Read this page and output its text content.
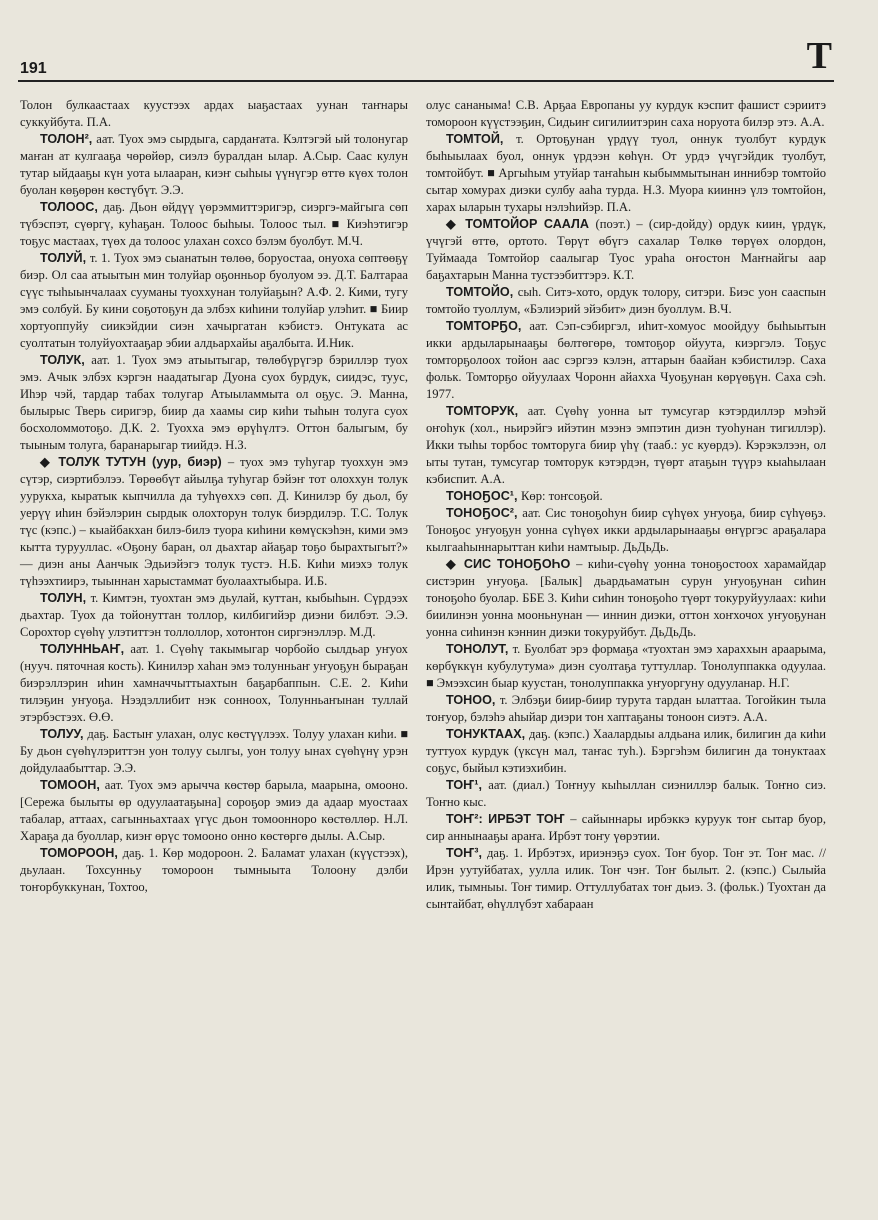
191	Т

Толон булкаастаах куустээх ардах ыаҕастаах уунан таҥнары суккуйбута. П.А.

ТОЛОН², аат. Туох эмэ сырдыга, сардаҥата. Кэлтэгэй ый толонугар маҥан ат кулгааҕа чөрөйөр, сиэлэ буралдан ылар. А.Сыр. Саас кулун тутар ыйдааҕы күн уота ылааран, киэҥ сыһыы үүнүгэр өттө күөх толон буолан көҕөрөн көстүбүт. Э.Э.

ТОЛООС, даҕ. Дьон өйдүү үөрэммиттэригэр, сиэргэ-майгыга сөп түбэспэт, сүөргү, куһаҕан. Толоос быһыы. Толоос тыл. ■ Киэһэтигэр тоҕус мастаах, түөх да толоос улахан сохсо бэлэм буолбут. М.Ч.

ТОЛУЙ, т. 1. Туох эмэ сыанатын төлөө, боруостаа, онуоха сөптөөҕү биэр. Ол саа атыытын мин толуйар оҕонньор буолуом ээ. Д.Т. Балтараа сүүс тыһыынчалаах сууманы туоххунан толуйаҕын? А.Ф. 2. Кими, тугу эмэ солбуй. Бу кини соҕотоҕун да элбэх киһини толуйар улэһит. ■ Биир хортуоппуйу сиикэйдии сиэн хачыргатан кэбистэ. Онтуката ас суолтатын толуйуохтааҕар эбии алдьархайы аҕалбыта. И.Ник.

ТОЛУК, аат. 1. Туох эмэ атыытыгар, төлөбүрүгэр бэриллэр туох эмэ. Ачык элбэх кэргэн наадатыгар Дуона суох бурдук, сиидэс, туус, Иһэр чэй, тардар табах толугар Атыыламмыта ол оҕус. Э. Манна, былырыс Тверь сиригэр, биир да хаамы сир киһи тыһын толуга суох босхоломмотоҕо. Д.К. 2. Туохха эмэ өрүһүлтэ. Оттон балыгым, бу тыыным толуга, баранарыгар тиийдэ. Н.З.

◆ ТОЛУК ТУТУН (уур, биэр) – туох эмэ туһугар туоххун эмэ сүтэр, сиэртибэлээ. Төрөөбүт айылҕа туһугар бэйэҥ тот олоххун толук уурукха, кыратык кыпчилла да туһүөххэ сөп. Д. Кинилэр бу дьол, бу уерүү иһин бэйэлэрин сырдык олохторун толук биэрдилэр. Т.С. Толук түс (кэпс.) – кыайбакхан билэ-билэ туора киһини көмүскэһэн, кими эмэ кытта турууллас. «Оҕону баран, ол дьахтар айаҕар тоҕо бырахтыгыт?» — диэн аны Аанчык Эдьиэйэгэ толук тустэ. Н.Б. Киһи миэхэ толук түһээхтиирэ, тыыннан харыстаммат буолаахтыбыра. И.Б.

ТОЛУН, т. Кимтэн, туохтан эмэ дьулай, куттан, кыбыһын. Сүрдээх дьахтар. Туох да тойонуттан толлор, килбигийэр диэни билбэт. Э.Э. Сорохтор сүөһү улэтиттэн толлоллор, хотонтон сиргэнэллэр. М.Д.

ТОЛУННЬАҤ, аат. 1. Сүөһү такымыгар чорбойо сылдьар уҥуох (нууч. пяточная кость). Кинилэр хаһан эмэ толунньаҥ уҥуоҕун быраҕан биэрэллэрин иһин хамначчыттыахтын баҕарбаппын. С.Е. 2. Киһи тилэҕин уҥуоҕа. Нээдэллибит нэк сонноох, Толунньаҥынан туллай этэрбэстээх. Ө.Ө.

ТОЛУУ, даҕ. Бастыҥ улахан, олус көстүүлээх. Толуу улахан киһи. ■ Бу дьон сүөһүлэриттэн уон толуу сылгы, уон толуу ынах сүөһүнү урэн дойдулаабыттар. Э.Э.

ТОМООН, аат. Туох эмэ арыччa көстөр барыла, маарына, омооно. [Сережа былыты өр одуулаатаҕына] сороҕор эмиэ да адаар муостаах табалар, аттаах, сагынньахтаах үгүс дьон томоонноро көстөллөр. Н.Л. Хараҕа да буоллар, киэҥ өрүс томооно онно көстөргө дылы. А.Сыр.

ТОМОРООН, даҕ. 1. Көр модороон. 2. Баламат улахан (күүстээх), дьулаан. Тохсунньу томороон тымныыта Толоону дэлби тоҥорбуккунан, Тохтоо,

олус сананыма! С.В. Арҕаа Европаны уу курдук кэспит фашист сэриитэ томороон күүстээҕин, Сидьиҥ сигилиитэрин сахa норуота билэр этэ. А.А.

ТОМТОЙ, т. Ортоҕунан үрдүү туол, оннук туолбут курдук быһыылаах буол, оннук үрдээн көһүн. От урдэ үчүгэйдик туолбут, томтойбут. ■ Аргыһым утуйар таҥаһын кыбыммытынан иннибэр томтойо сытар хомурах диэки сулбу ааһа турда. Н.З. Муора кииннэ үлэ томтойон, харах ыларын тухары нэлэһийэр. П.А.

◆ ТОМТОЙОР СААЛА (поэт.) – (сир-дойду) ордук киин, үрдүк, үчүгэй өттө, ортото. Төрүт өбүгэ сахалар Төлкө төрүөх олордон, Туймаада Томтойор саалыгар Туос урaһа оҥостон Маҥнайгы аар баҕахтарын Манна тустээбиттэрэ. К.Т.

ТОМТОЙО, сыһ. Ситэ-хото, ордук толору, ситэри. Биэс уон сааспын томтойо туоллум, «Бэлиэрий эйэбит» диэн буоллум. В.Ч.

ТОМТОРҔО, аат. Сэп-сэбиргэл, иһит-хомуос моойдуу быһыытын икки ардыларынааҕы бөлтөгөрө, томтоҕор ойуута, киэргэлэ. Тоҕус томторҕолоох тойон аас сэргээ кэлэн, аттарын баайан кэбистилэр. Саха фольк. Томторҕо ойуулаах Чоронн айахха Чуоҕунан көрүөҕүн. Саха сэһ. 1977.

ТОМТОРУК, аат. Сүөһү уонна ыт тумсугар кэтэрдиллэр мэһэй оҥоһук (хол., ньирэйгэ ийэтин мээнэ эмпэтин диэн туоһунан тигиллэр). Икки тыһы торбос томторуга биир үһү (тааб.: ус куөрдэ). Кэрэкэлээн, ол ыты тутан, тумсугар томторук кэтэрдэн, түөрт атаҕын түүрэ кыаһылаан кэбиспит. А.А.

ТОНОҔОС¹, Көр: тоҥсоҕой.

ТОНОҔОС², аат. Сис тоноҕоһун биир сүһүөх уҥуоҕа, биир сүһүөҕэ. Тоноҕос уҥуоҕун уонна сүһүөх икки ардыларынааҕы өҥүргэс араҕалара кылгааһыннарыттан киһи намтыыр. ДьДьДь.

◆ СИС ТОНОҔОҺО – киһи-сүөһү уонна тоноҕостоох харамайдар систэрин уҥуоҕа. [Балык] дьардьаматын сурун уҥуоҕунан сиһин тоноҕоһо буолар. ББЕ 3. Киһи сиһин тоноҕоһо түөрт токуруйуулаах: киһи биилинэн уонна мооньнунан — иннин диэки, оттон хоҥхочох уҥуоҕунан уонна сиһинэн кэннин диэки токуруйбут. ДьДьДь.

ТОНОЛУТ, т. Буолбат эрэ формаҕа «туохтан эмэ хараххын араарыма, көрбүккүн кубулутума» диэн суолтаҕа туттуллар. Тонолуппакка одуулаа. ■ Эмээхсин быар куустан, тонолуппакка уҥуоргуну одууланар. Н.Г.

ТОНОО, т. Элбэҕи биир-биир турута тардан ылаттаа. Тогойкин тыла тоҥуор, бэлэһэ аһыйар диэри тон хаптаҕаны тоноон сиэтэ. А.А.

ТОНУКТААХ, даҕ. (кэпс.) Хаалардыы алдьана илик, билигин да киһи туттуох курдук (үксүн мал, таҥас туһ.). Бэргэһэм билигин да тонуктаах соҕус, быйыл кэтиэхибин.

ТОҤ¹, аат. (диал.) Тоҥнуу кыһыллан сиэниллэр балык. Тоҥно сиэ. Тоҥно кыс.

ТОҤ²: ИРБЭТ ТОҤ – сайыннары ирбэккэ куруук тоҥ сытар буор, сир аннынааҕы араҥа. Ирбэт тоҥу үөрэтии.

ТОҤ³, даҕ. 1. Ирбэтэх, ириэнэҕэ суох. Тоҥ буор. Тоҥ эт. Тоҥ мас. // Ирэн уутуйбатах, уулла илик. Тоҥ чэҥ. Тоҥ былыт. 2. (кэпс.) Сылыйа илик, тымныы. Тоҥ тимир. Оттуллубатах тоҥ дьиэ. 3. (фольк.) Туохтан да сынтайбат, өһүллүбэт хабараан
